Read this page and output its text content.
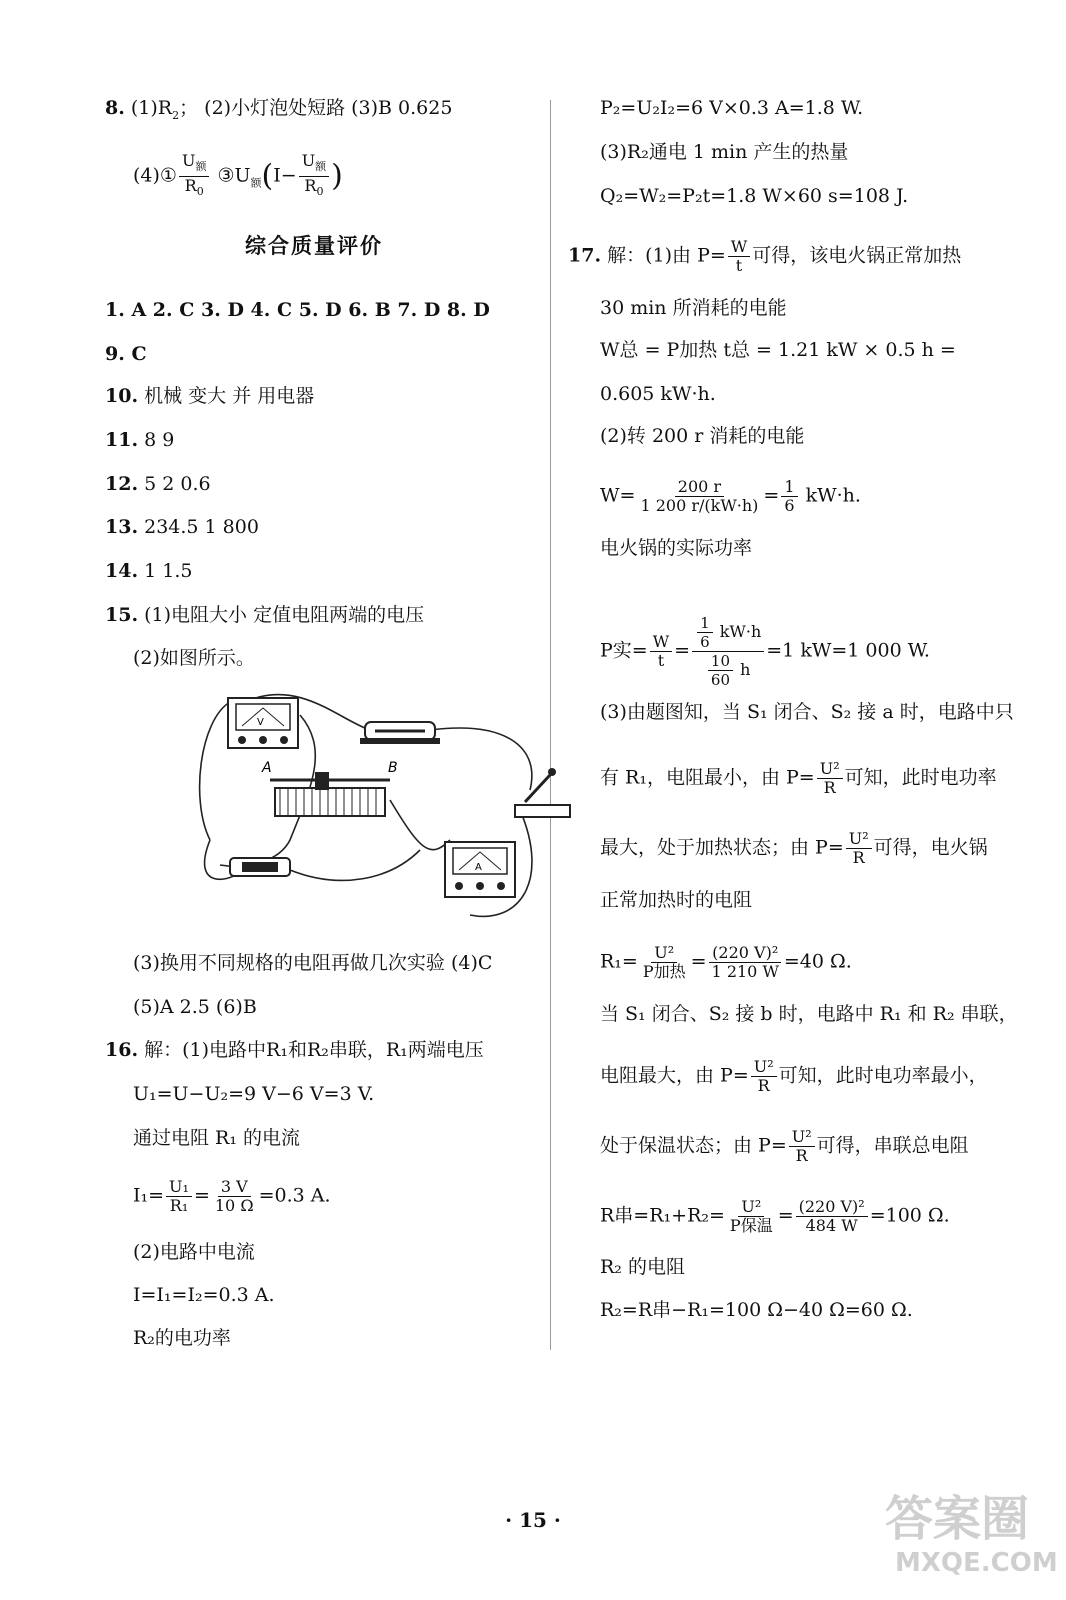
8. $(1)R_2$； (2)小灯泡处短路 (3)B 0.625
(4)① $\frac{U_额}{R_0}$ $③U_额(I- \frac{U_额}{R_0}$ )
综合质量评价
1. A 2. C 3. D 4. C 5. D 6. B 7. D 8. D
9. C
10. 机械 变大 并 用电器
11. 8 9
12. 5 2 0.6
13. 234.5 1 800
14. 1 1.5
15. (1)电阻大小 定值电阻两端的电压
(2)如图所示。
V
A	B
A
(3)换用不同规格的电阻再做几次实验 (4)C
(5)A 2.5 (6)B
16. 解：(1)电路中R₁和R₂串联，R₁两端电压
U₁=U−U₂=9 V−6 V=3 V.
通过电阻 R₁ 的电流
$I_1= \frac{\text{U₁}}{\text{R₁}} = \frac{3 V}{10 \Omega} =0.3$ A.
(2)电路中电流
I=I₁=I₂=0.3 A.
R₂的电功率
P₂=U₂I₂=6 V×0.3 A=1.8 W.
(3)R₂通电 1 min 产生的热量
Q₂=W₂=P₂t=1.8 W×60 s=108 J.
17. 解：(1)由 $P= \frac{W}{t}$ 可得，该电火锅正常加热
30 min 所消耗的电能
W总 = P加热 t总 = 1.21 kW × 0.5 h =
0.605 kW·h.
(2)转 200 r 消耗的电能
$W= \frac{200 r}{1 200 r/(kW\cdot h)} = \frac{1}{6} kW\cdot h$.
电火锅的实际功率
P实= $\frac{W}{t} = \frac{\frac{1}{6} kW\cdot h}{\frac{10}{60} h} =1$ kW=1 000 W.
(3)由题图知，当 S₁ 闭合、S₂ 接 a 时，电路中只
有 R₁，电阻最小，由 $P= \frac{\text{U²}}{R}$ 可知，此时电功率
最大，处于加热状态；由 $P= \frac{\text{U²}}{R}$ 可得，电火锅
正常加热时的电阻
$R_1= \frac{\text{U²}}{\text{P加热}} = \frac{\text{(220 V)²}}{1 210 W} =40$ Ω.
当 S₁ 闭合、S₂ 接 b 时，电路中 R₁ 和 R₂ 串联，
电阻最大，由 $P= \frac{\text{U²}}{R}$ 可知，此时电功率最小，
处于保温状态；由 $P= \frac{\text{U²}}{R}$ 可得，串联总电阻
R串$=R_1+R_2= \frac{\text{U²}}{\text{P保温}} = \frac{\text{(220 V)²}}{484 W} =100$ Ω.
R₂ 的电阻
R₂=R串−R₁=100 Ω−40 Ω=60 Ω.
· 15 ·	答案圈
MXQE.COM
